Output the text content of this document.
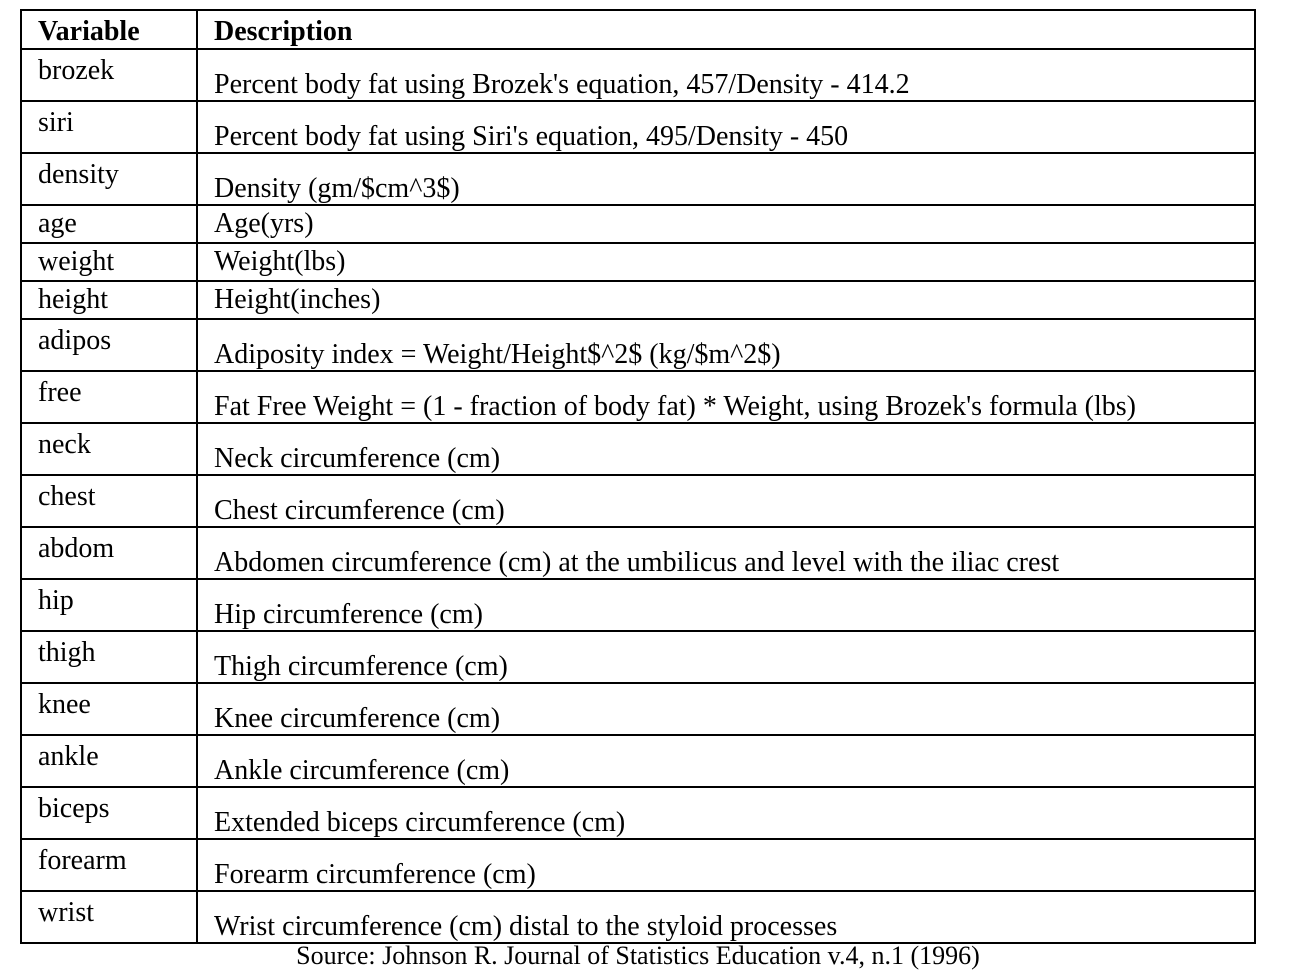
Variable	Description
brozek	Percent body fat using Brozek's equation, 457/Density - 414.2
siri	Percent body fat using Siri's equation, 495/Density - 450
density	Density (gm/$cm^3$)
age	Age(yrs)
weight	Weight(lbs)
height	Height(inches)
adipos	Adiposity index = Weight/Height$^2$ (kg/$m^2$)
free	Fat Free Weight = (1 - fraction of body fat) * Weight, using Brozek's formula (lbs)
neck	Neck circumference (cm)
chest	Chest circumference (cm)
abdom	Abdomen circumference (cm) at the umbilicus and level with the iliac crest
hip	Hip circumference (cm)
thigh	Thigh circumference (cm)
knee	Knee circumference (cm)
ankle	Ankle circumference (cm)
biceps	Extended biceps circumference (cm)
forearm	Forearm circumference (cm)
wrist	Wrist circumference (cm) distal to the styloid processes
Source: Johnson R. Journal of Statistics Education v.4, n.1 (1996)
